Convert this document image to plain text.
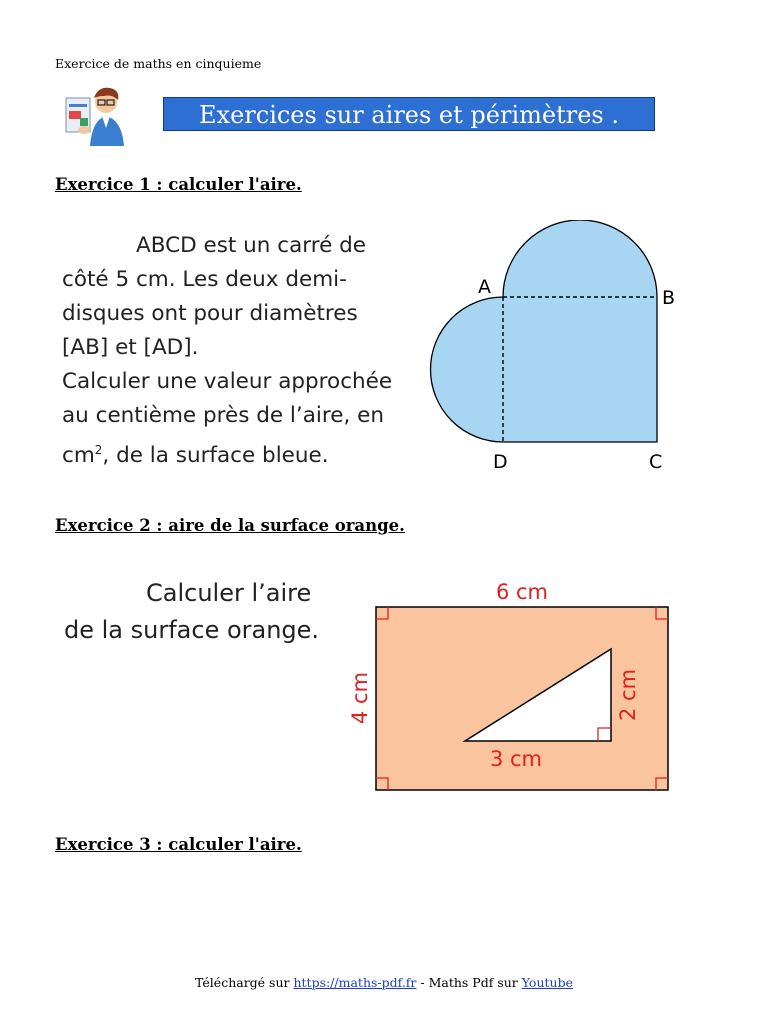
Exercice de maths en cinquieme
Exercices sur aires et périmètres .
Exercice 1 : calculer l'aire.

ABCD est un carré de

côté 5 cm. Les deux demi-

disques ont pour diamètres

[AB] et [AD].

Calculer une valeur approchée

au centième près de l’aire, en

$cm^2$, de la surface bleue.

A	B
C
D
Exercice 2 : aire de la surface orange.

Calculer l’aire

de la surface orange.

6 cm
3 cm
4 cm	2 cm
Exercice 3 : calculer l'aire.
Téléchargé sur https://maths-pdf.fr - Maths Pdf sur Youtube
